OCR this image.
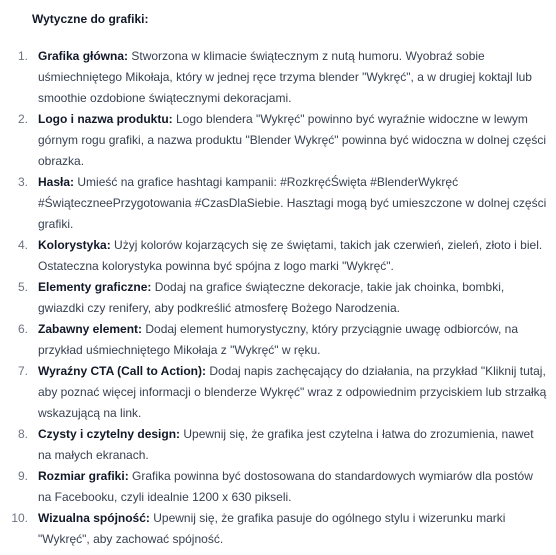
Wytyczne do grafiki:

1. Grafika główna: Stworzona w klimacie świątecznym z nutą humoru. Wyobraź sobie uśmiechniętego Mikołaja, który w jednej ręce trzyma blender "Wykręć", a w drugiej koktajl lub smoothie ozdobione świątecznymi dekoracjami.
2. Logo i nazwa produktu: Logo blendera "Wykręć" powinno być wyraźnie widoczne w lewym górnym rogu grafiki, a nazwa produktu "Blender Wykręć" powinna być widoczna w dolnej części obrazka.
3. Hasła: Umieść na grafice hashtagi kampanii: #RozkręćŚwięta #BlenderWykręć #ŚwiąteczneePrzygotowania #CzasDlaSiebie. Hasztagi mogą być umieszczone w dolnej części grafiki.
4. Kolorystyka: Użyj kolorów kojarzących się ze świętami, takich jak czerwień, zieleń, złoto i biel. Ostateczna kolorystyka powinna być spójna z logo marki "Wykręć".
5. Elementy graficzne: Dodaj na grafice świąteczne dekoracje, takie jak choinka, bombki, gwiazdki czy renifery, aby podkreślić atmosferę Bożego Narodzenia.
6. Zabawny element: Dodaj element humorystyczny, który przyciągnie uwagę odbiorców, na przykład uśmiechniętego Mikołaja z "Wykręć" w ręku.
7. Wyraźny CTA (Call to Action): Dodaj napis zachęcający do działania, na przykład "Kliknij tutaj, aby poznać więcej informacji o blenderze Wykręć" wraz z odpowiednim przyciskiem lub strzałką wskazującą na link.
8. Czysty i czytelny design: Upewnij się, że grafika jest czytelna i łatwa do zrozumienia, nawet na małych ekranach.
9. Rozmiar grafiki: Grafika powinna być dostosowana do standardowych wymiarów dla postów na Facebooku, czyli idealnie 1200 x 630 pikseli.
10. Wizualna spójność: Upewnij się, że grafika pasuje do ogólnego stylu i wizerunku marki "Wykręć", aby zachować spójność.
